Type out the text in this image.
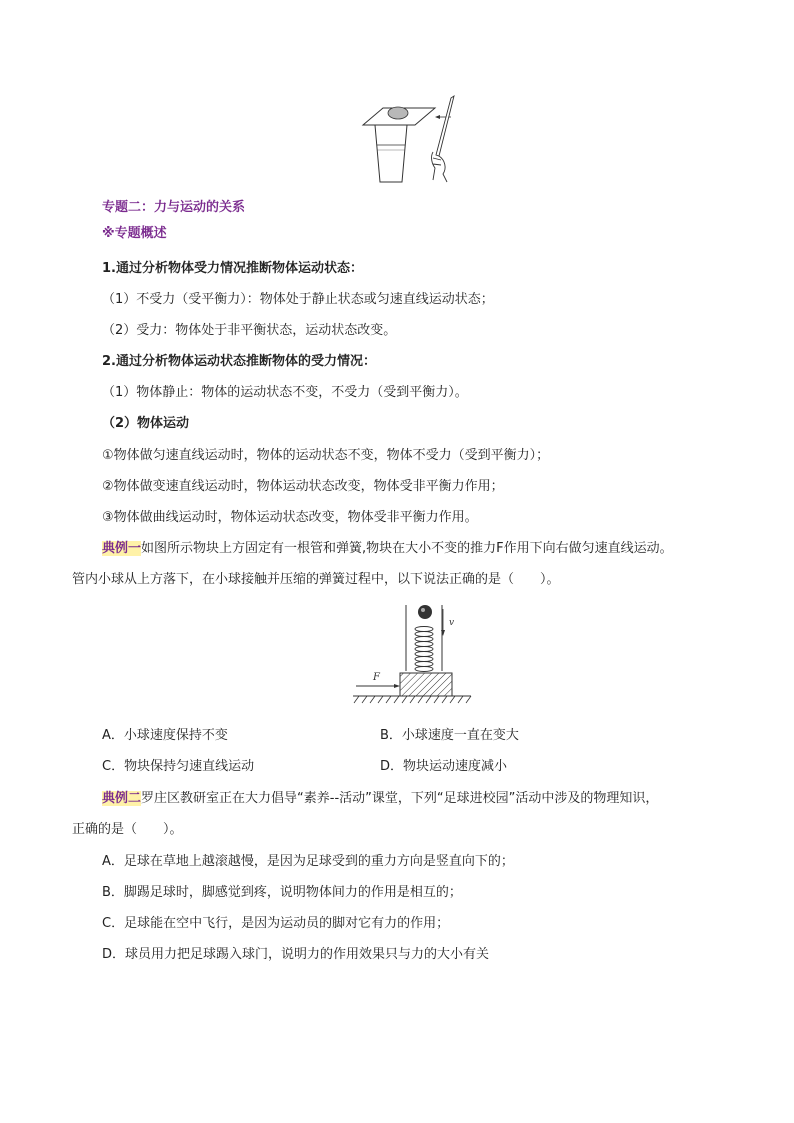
专题二：力与运动的关系
※专题概述
1.通过分析物体受力情况推断物体运动状态：
（1）不受力（受平衡力）：物体处于静止状态或匀速直线运动状态；
（2）受力：物体处于非平衡状态，运动状态改变。
2.通过分析物体运动状态推断物体的受力情况：
（1）物体静止：物体的运动状态不变，不受力（受到平衡力）。
（2）物体运动
①物体做匀速直线运动时，物体的运动状态不变，物体不受力（受到平衡力）；
②物体做变速直线运动时，物体运动状态改变，物体受非平衡力作用；
③物体做曲线运动时，物体运动状态改变，物体受非平衡力作用。
典例一如图所示物块上方固定有一根管和弹簧,物块在大小不变的推力F作用下向右做匀速直线运动。
管内小球从上方落下，在小球接触并压缩的弹簧过程中，以下说法正确的是（　　）。
v
F
A．小球速度保持不变	B．小球速度一直在变大
C．物块保持匀速直线运动	D．物块运动速度减小
典例二罗庄区教研室正在大力倡导“素养--活动”课堂，下列“足球进校园”活动中涉及的物理知识，
正确的是（　　）。
A．足球在草地上越滚越慢，是因为足球受到的重力方向是竖直向下的；
B．脚踢足球时，脚感觉到疼，说明物体间力的作用是相互的；
C．足球能在空中飞行，是因为运动员的脚对它有力的作用；
D．球员用力把足球踢入球门，说明力的作用效果只与力的大小有关
